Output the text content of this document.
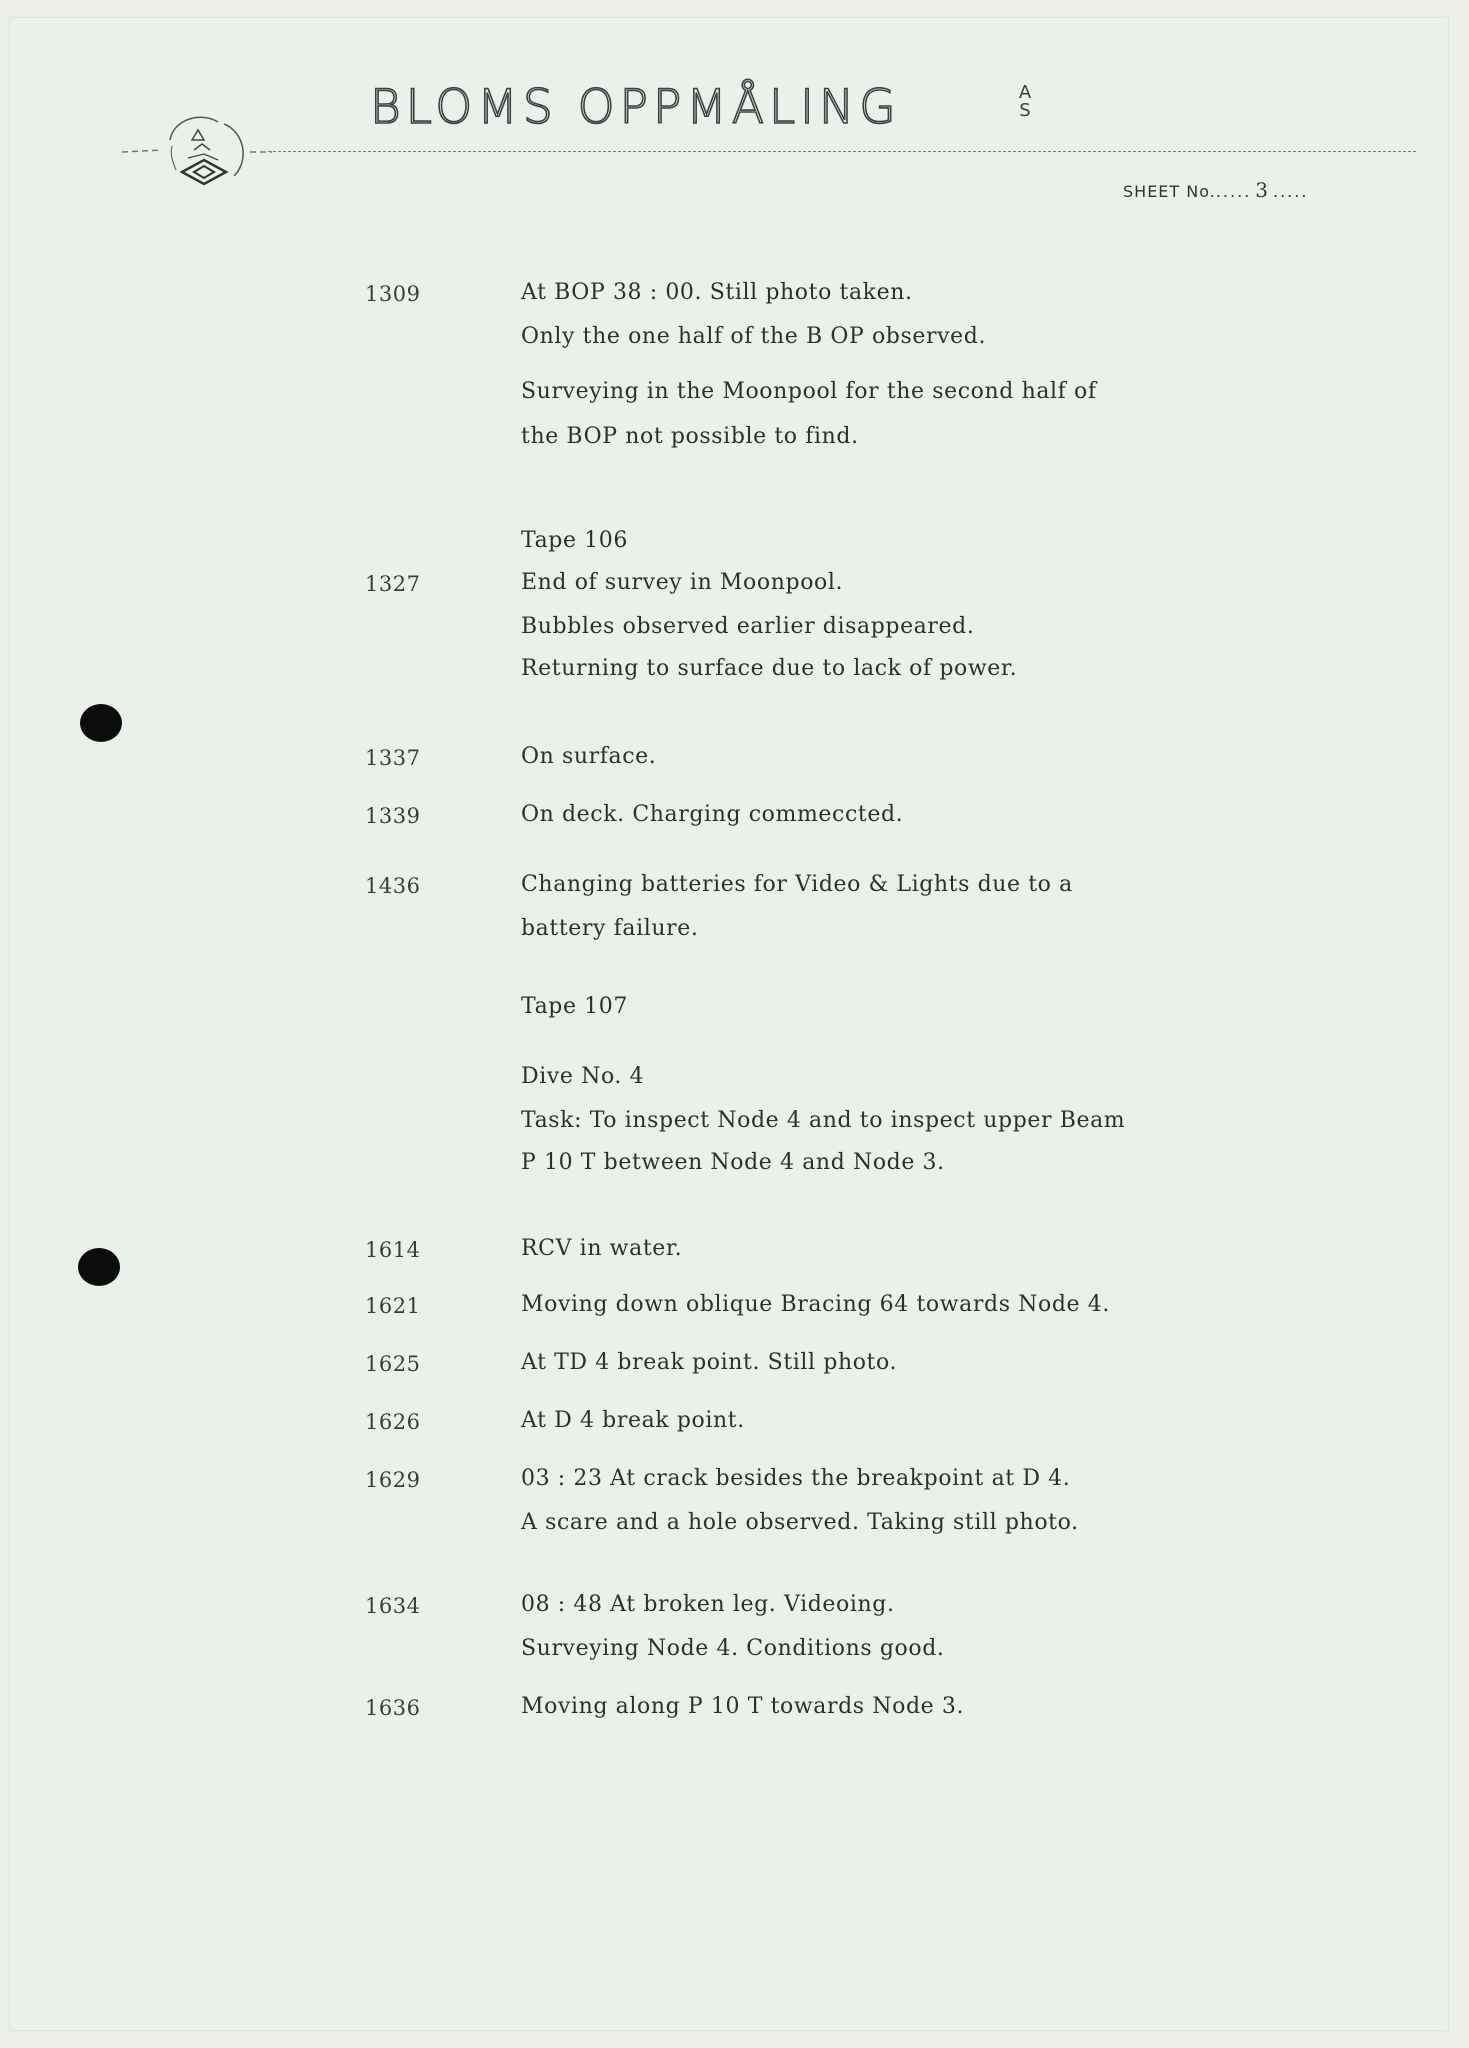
BLOMS OPPMÅLING	A
S
SHEET No...... 3 .....
1309	At BOP 38 : 00. Still photo taken.
Only the one half of the B OP observed.
Surveying in the Moonpool for the second half of
the BOP not possible to find.
Tape 106
1327	End of survey in Moonpool.
Bubbles observed earlier disappeared.
Returning to surface due to lack of power.
1337	On surface.
1339	On deck. Charging commeccted.
1436	Changing batteries for Video & Lights due to a
battery failure.
Tape 107
Dive No. 4
Task: To inspect Node 4 and to inspect upper Beam
P 10 T between Node 4 and Node 3.
1614	RCV in water.
1621	Moving down oblique Bracing 64 towards Node 4.
1625	At TD 4 break point. Still photo.
1626	At D 4 break point.
1629	03 : 23 At crack besides the breakpoint at D 4.
A scare and a hole observed. Taking still photo.
1634	08 : 48 At broken leg. Videoing.
Surveying Node 4. Conditions good.
1636	Moving along P 10 T towards Node 3.
